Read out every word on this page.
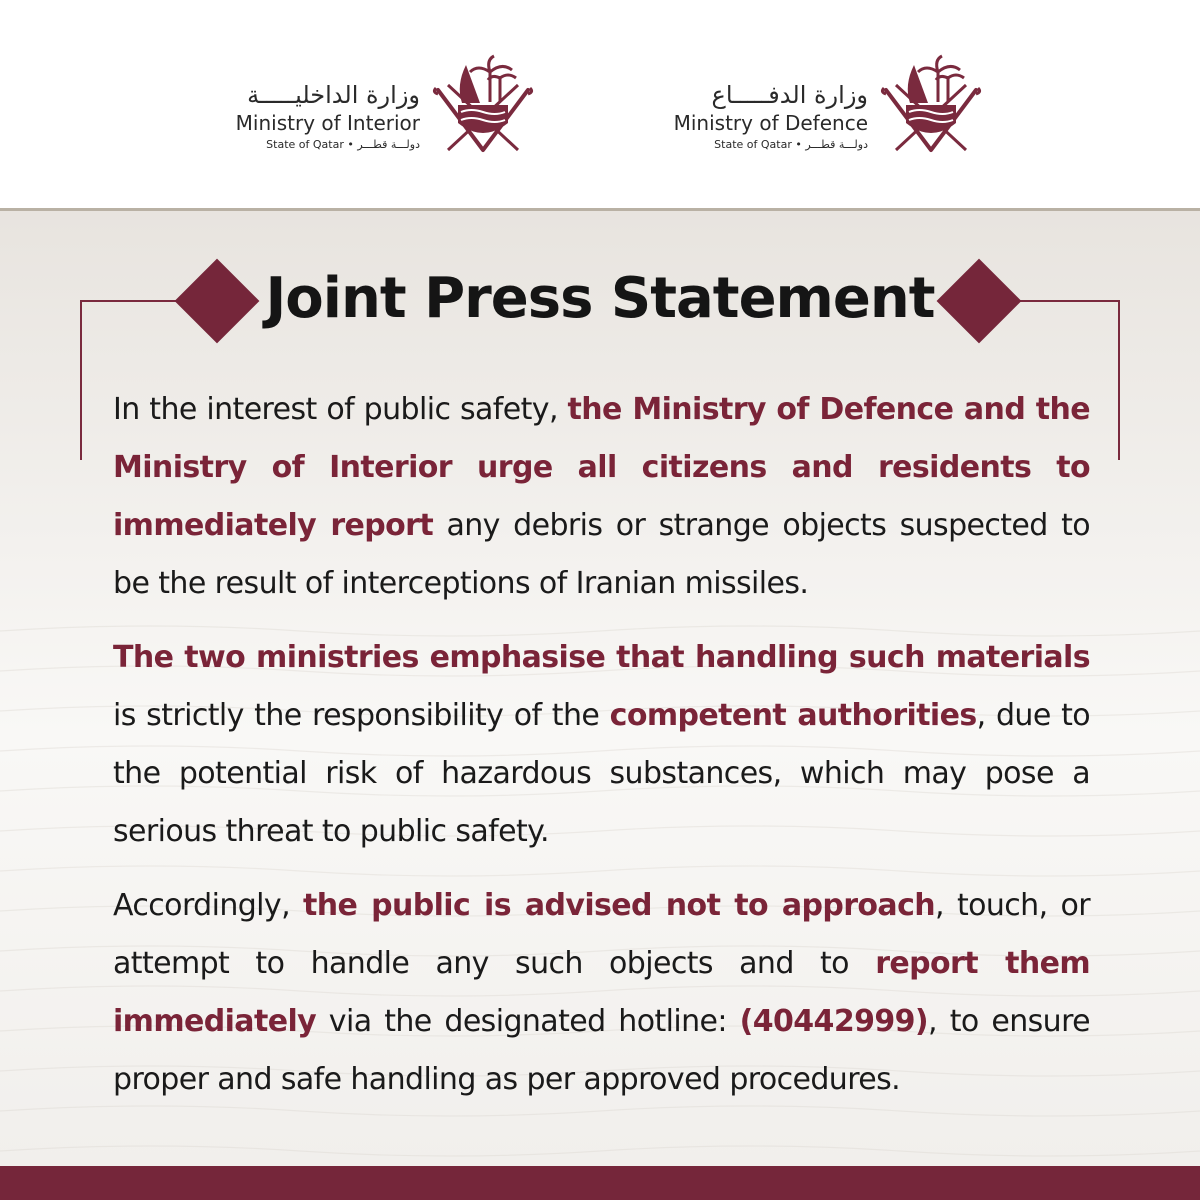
وزارة الداخليـــــة
Ministry of Interior
State of Qatar • دولـــة قطـــر
وزارة الدفـــــاع
Ministry of Defence
State of Qatar • دولـــة قطـــر
Joint Press Statement

In the interest of public safety, the Ministry of Defence and the Ministry of Interior urge all citizens and residents to immediately report any debris or strange objects suspected to be the result of interceptions of Iranian missiles.

The two ministries emphasise that handling such materials is strictly the responsibility of the competent authorities, due to the potential risk of hazardous substances, which may pose a serious threat to public safety.

Accordingly, the public is advised not to approach, touch, or attempt to handle any such objects and to report them immediately via the designated hotline: (40442999), to ensure proper and safe handling as per approved procedures.
